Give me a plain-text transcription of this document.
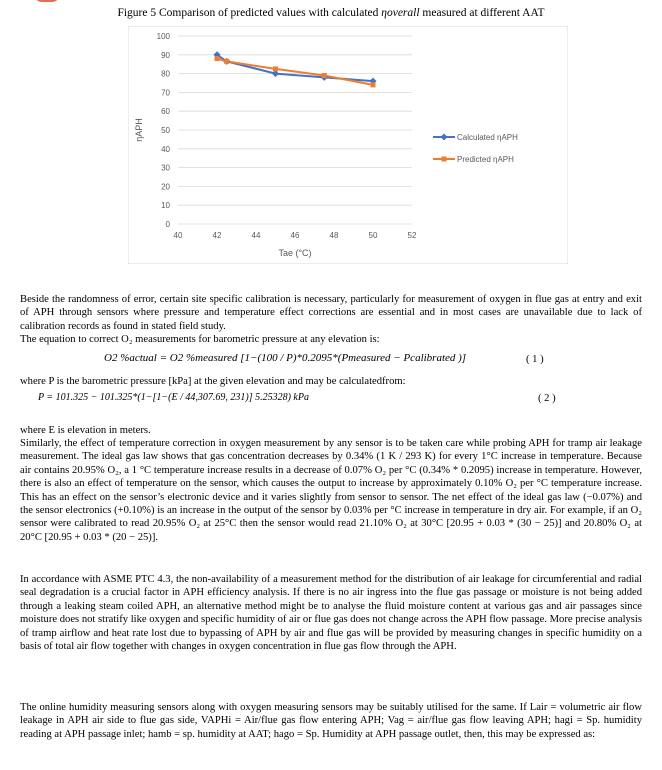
Figure 5 Comparison of predicted values with calculated ηoverall measured at different AAT
0
10
20
30
40
50
60
70
80
90
100
40	42	44	46	48	50	52
ηAPH
Tae (°C)
Calculated ηAPH
Predicted ηAPH

Beside the randomness of error, certain site specific calibration is necessary, particularly for measurement of oxygen in flue gas at entry and exit of APH through sensors where pressure and temperature effect corrections are essential and in most cases are unavailable due to lack of calibration records as found in stated field study.

The equation to correct O₂ measurements for barometric pressure at any elevation is:

O2 %actual = O2 %measured [1−(100 / P)*0.2095*(Pmeasured − Pcalibrated )]	( 1 )

where P is the barometric pressure [kPa] at the given elevation and may be calculatedfrom:

P = 101.325 − 101.325*(1−[1−(E / 44,307.69, 231)] 5.25328) kPa	( 2 )

where E is elevation in meters.

Similarly, the effect of temperature correction in oxygen measurement by any sensor is to be taken care while probing APH for tramp air leakage measurement. The ideal gas law shows that gas concentration decreases by 0.34% (1 K / 293 K) for every 1°C increase in temperature. Because air contains 20.95% O₂, a 1 °C temperature increase results in a decrease of 0.07% O₂ per °C (0.34% * 0.2095) increase in temperature. However, there is also an effect of temperature on the sensor, which causes the output to increase by approximately 0.10% O₂ per °C temperature increase. This has an effect on the sensor’s electronic device and it varies slightly from sensor to sensor. The net effect of the ideal gas law (−0.07%) and the sensor electronics (+0.10%) is an increase in the output of the sensor by 0.03% per °C increase in temperature in dry air. For example, if an O₂ sensor were calibrated to read 20.95% O₂ at 25°C then the sensor would read 21.10% O₂ at 30°C [20.95 + 0.03 * (30 − 25)] and 20.80% O₂ at 20°C [20.95 + 0.03 * (20 − 25)].

In accordance with ASME PTC 4.3, the non-availability of a measurement method for the distribution of air leakage for circumferential and radial seal degradation is a crucial factor in APH efficiency analysis. If there is no air ingress into the flue gas passage or moisture is not being added through a leaking steam coiled APH, an alternative method might be to analyse the fluid moisture content at various gas and air passages since moisture does not stratify like oxygen and specific humidity of air or flue gas does not change across the APH flow passage. More precise analysis of tramp airflow and heat rate lost due to bypassing of APH by air and flue gas will be provided by measuring changes in specific humidity on a basis of total air flow together with changes in oxygen concentration in flue gas flow through the APH.

The online humidity measuring sensors along with oxygen measuring sensors may be suitably utilised for the same. If Lair = volumetric air flow leakage in APH air side to flue gas side, VAPHi = Air/flue gas flow entering APH; Vag = air/flue gas flow leaving APH; hagi = Sp. humidity reading at APH passage inlet; hamb = sp. humidity at AAT; hago = Sp. Humidity at APH passage outlet, then, this may be expressed as:
